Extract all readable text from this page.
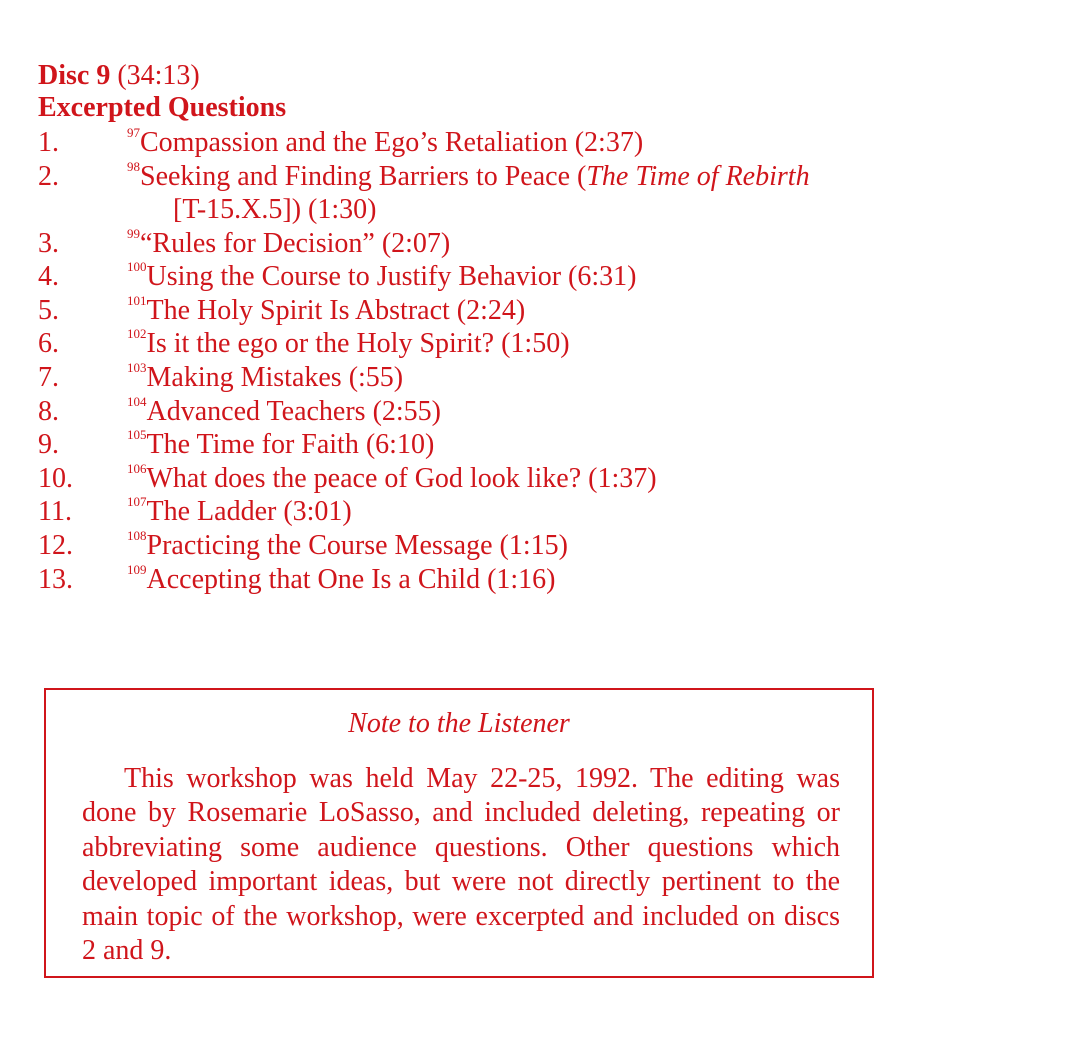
Disc 9 (34:13)
Excerpted Questions
1.	$^{97}$Compassion and the Ego’s Retaliation (2:37)
2.	$^{98}$Seeking and Finding Barriers to Peace (The Time of Rebirth
[T-15.X.5]) (1:30)
3.	$^{99}$“Rules for Decision” (2:07)
4.	$^{100}$Using the Course to Justify Behavior (6:31)
5.	$^{101}$The Holy Spirit Is Abstract (2:24)
6.	$^{102}$Is it the ego or the Holy Spirit? (1:50)
7.	$^{103}$Making Mistakes (:55)
8.	$^{104}$Advanced Teachers (2:55)
9.	$^{105}$The Time for Faith (6:10)
10.	$^{106}$What does the peace of God look like? (1:37)
11.	$^{107}$The Ladder (3:01)
12.	$^{108}$Practicing the Course Message (1:15)
13.	$^{109}$Accepting that One Is a Child (1:16)
Note to the Listener
This workshop was held May 22-25, 1992. The editing was done by Rosemarie LoSasso, and included deleting, repeating or abbreviating some audience questions. Other questions which developed important ideas, but were not directly pertinent to the main topic of the workshop, were excerpted and included on discs 2 and 9.
